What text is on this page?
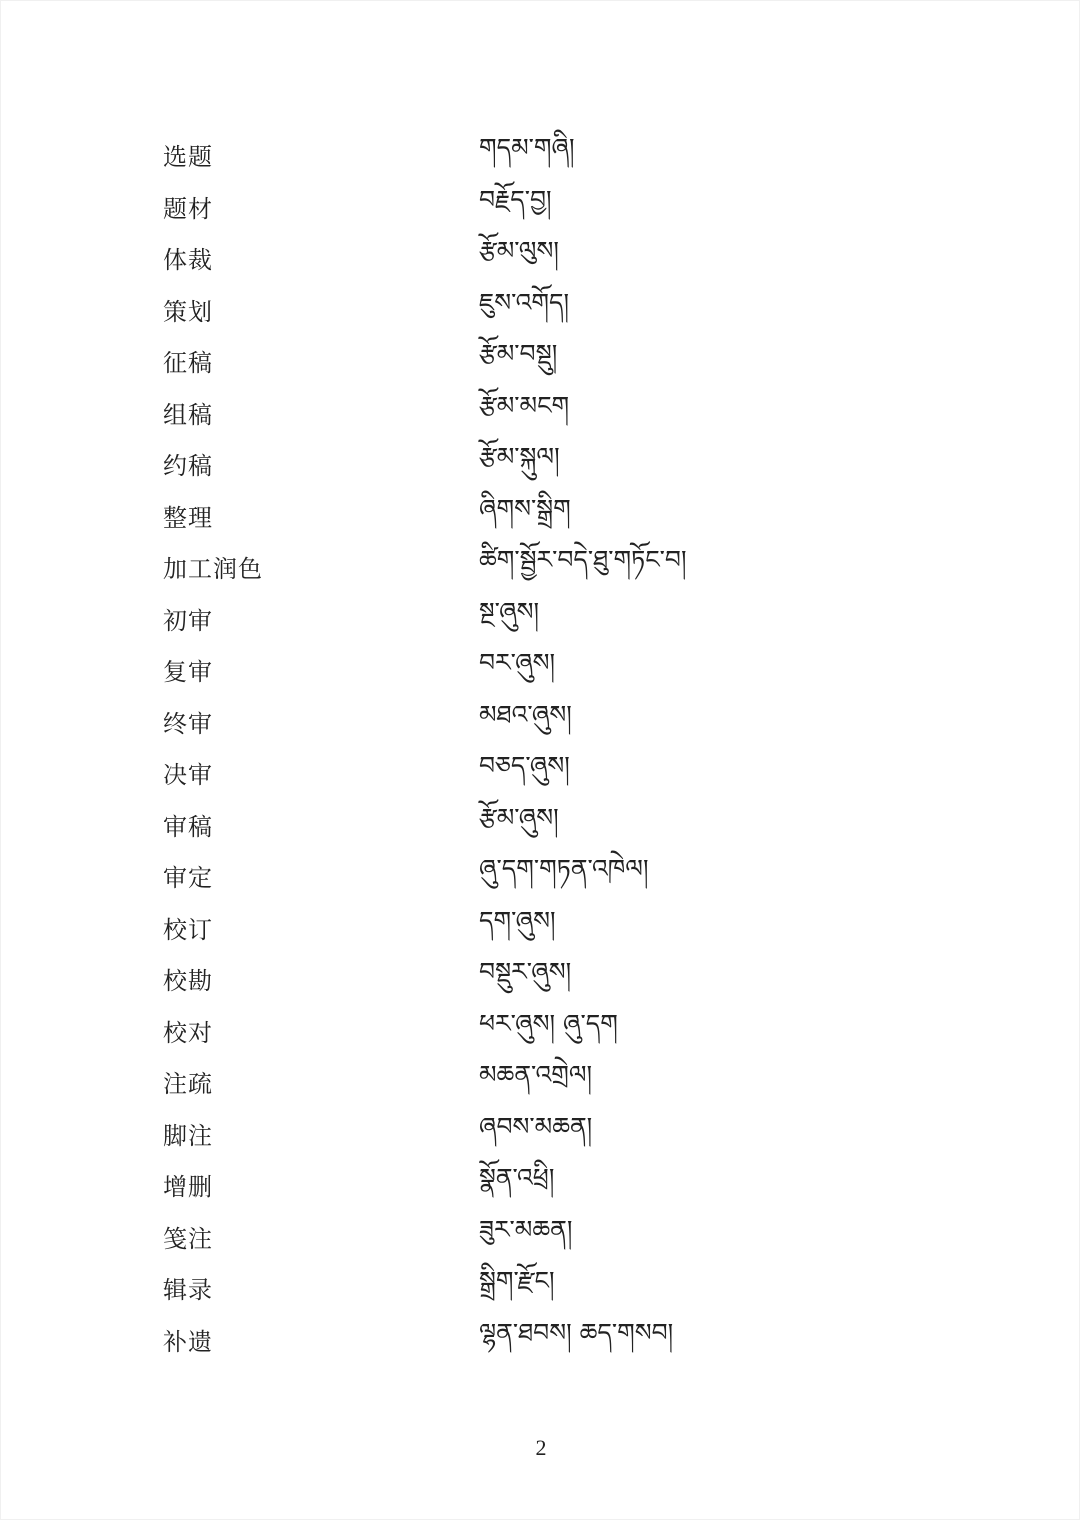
选题	གདམ་གཞི།
题材	བརྗོད་བྱ།
体裁	རྩོམ་ལུས།
策划	ཇུས་འགོད།
征稿	རྩོམ་བསྡུ།
组稿	རྩོམ་མངག
约稿	རྩོམ་སྐུལ།
整理	ཞིགས་སྒྲིག
加工润色	ཚིག་སྦྱོར་བདེ་ཐུ་གཏོང་བ།
初审	སྔ་ཞུས།
复审	བར་ཞུས།
终审	མཐའ་ཞུས།
决审	བཅད་ཞུས།
审稿	རྩོམ་ཞུས།
审定	ཞུ་དག་གཏན་འཁེལ།
校订	དག་ཞུས།
校勘	བསྡུར་ཞུས།
校对	ཕར་ཞུས། ཞུ་དག
注疏	མཆན་འགྲེལ།
脚注	ཞབས་མཆན།
增删	སྣོན་འཕྲི།
笺注	ཟུར་མཆན།
辑录	སྒྲིག་རྫོང།
补遗	ལྷན་ཐབས། ཆད་གསབ།
2
